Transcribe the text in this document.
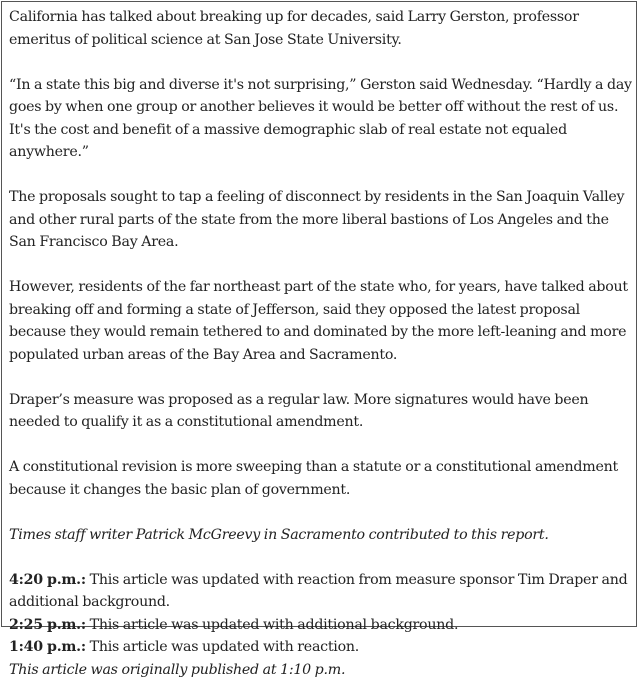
California has talked about breaking up for decades, said Larry Gerston, professor emeritus of political science at San Jose State University.

“In a state this big and diverse it's not surprising,” Gerston said Wednesday. “Hardly a day goes by when one group or another believes it would be better off without the rest of us. It's the cost and benefit of a massive demographic slab of real estate not equaled anywhere.”

The proposals sought to tap a feeling of disconnect by residents in the San Joaquin Valley and other rural parts of the state from the more liberal bastions of Los Angeles and the San Francisco Bay Area.

However, residents of the far northeast part of the state who, for years, have talked about breaking off and forming a state of Jefferson, said they opposed the latest proposal because they would remain tethered to and dominated by the more left-leaning and more populated urban areas of the Bay Area and Sacramento.

Draper’s measure was proposed as a regular law. More signatures would have been needed to qualify it as a constitutional amendment.

A constitutional revision is more sweeping than a statute or a constitutional amendment because it changes the basic plan of government.

Times staff writer Patrick McGreevy in Sacramento contributed to this report.

4:20 p.m.: This article was updated with reaction from measure sponsor Tim Draper and additional background.
2:25 p.m.: This article was updated with additional background.
1:40 p.m.: This article was updated with reaction.
This article was originally published at 1:10 p.m.
